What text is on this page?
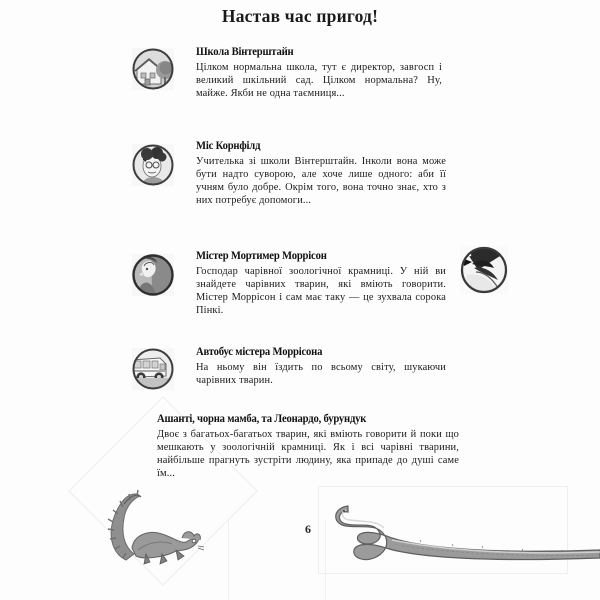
Настав час пригод!
Школа Вінтерштайн

Цілком нормальна школа, тут є директор, завгосп і великий шкільний сад. Цілком нормальна? Ну, майже. Якби не одна таємниця...

Міс Корнфілд

Учителька зі школи Вінтерштайн. Інколи вона може бути надто суворою, але хоче лише одного: аби її учням було добре. Окрім того, вона точно знає, хто з них потребує допомоги...

Містер Мортимер Моррісон

Господар чарівної зоологічної крамниці. У ній ви знайдете чарівних тварин, які вміють говорити. Містер Моррісон і сам має таку — це зухвала сорока Пінкі.

Автобус містера Моррісона

На ньому він їздить по всьому світу, шукаючи чарівних тварин.

Ашанті, чорна мамба, та Леонардо, бурундук

Двоє з багатьох-багатьох тварин, які вміють говорити й поки що мешкають у зоологічній крамниці. Як і всі чарівні тварини, найбільше прагнуть зустріти людину, яка припаде до душі саме їм...

6
